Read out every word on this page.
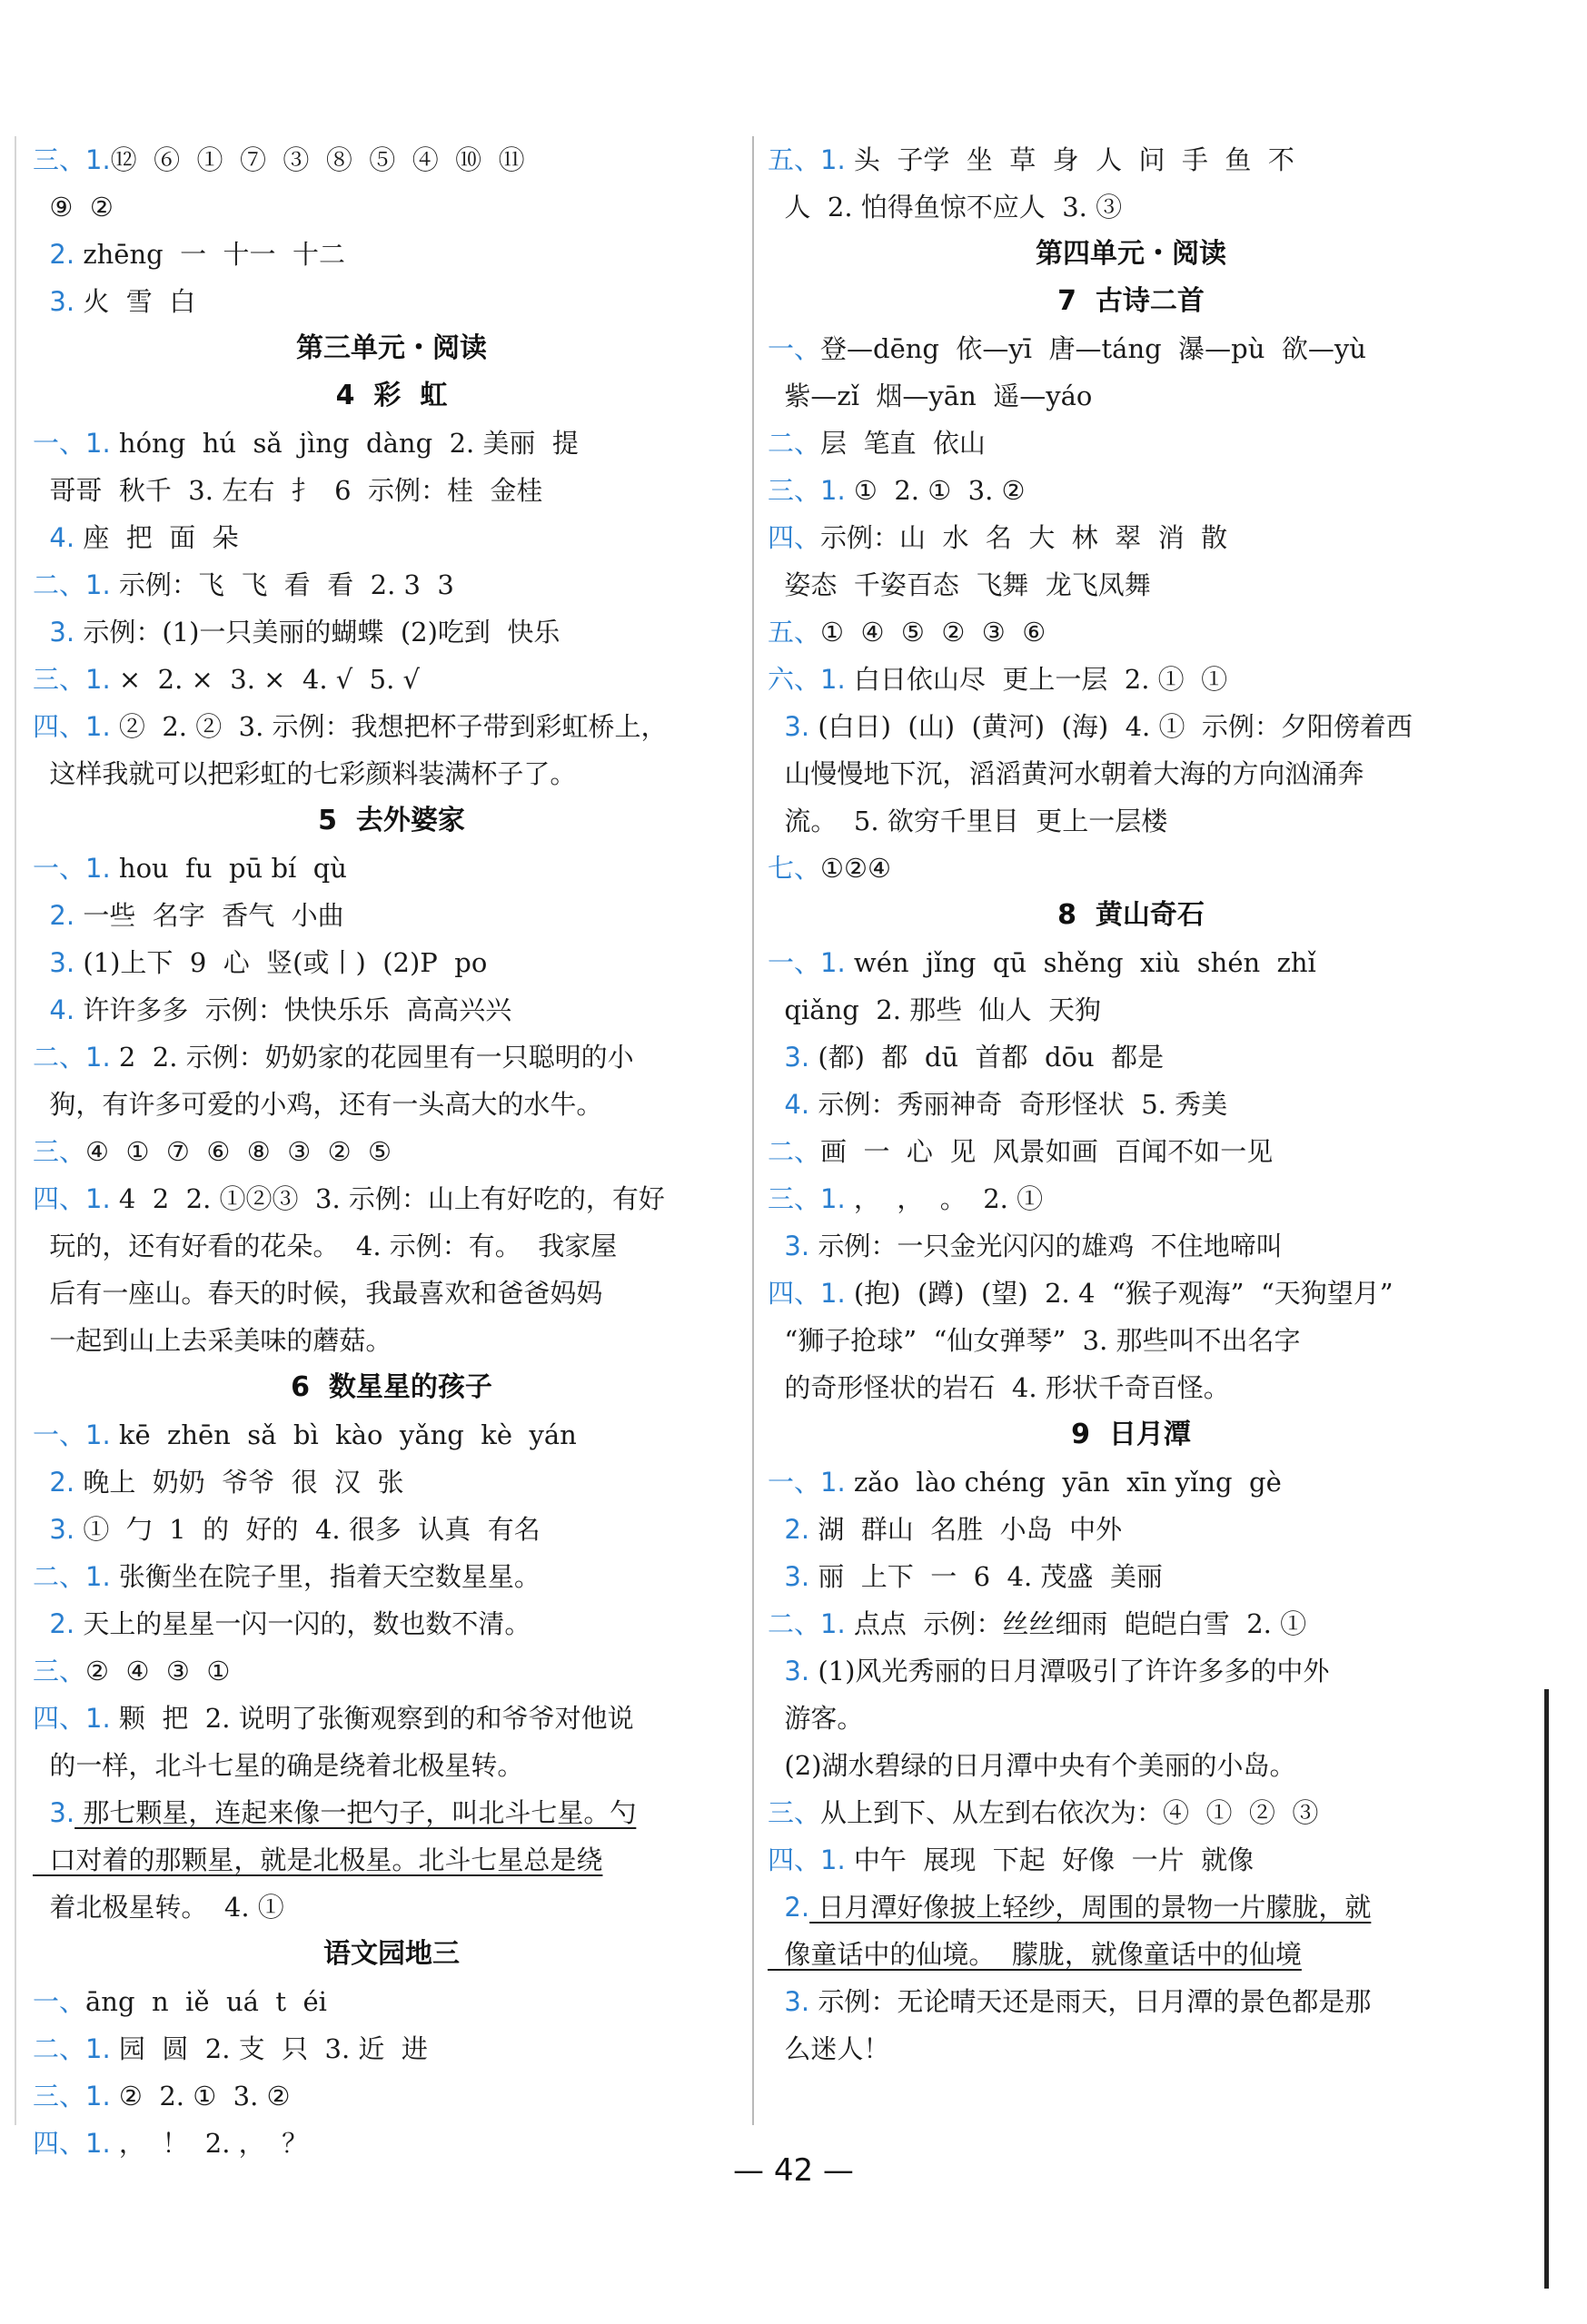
三、1.⑫  ⑥  ①  ⑦  ③  ⑧  ⑤  ④  ⑩  ⑪
⑨  ②
2. zhēng  一  十一  十二
3. 火  雪  白
第三单元・阅读
4  彩  虹
一、1. hóng  hú  sǎ  jìng  dàng  2. 美丽  提
哥哥  秋千  3. 左右  扌  6  示例：桂  金桂
4. 座  把  面  朵
二、1. 示例：飞  飞  看  看  2. 3  3
3. 示例：(1)一只美丽的蝴蝶  (2)吃到  快乐
三、1. ×  2. ×  3. ×  4. √  5. √
四、1. ②  2. ②  3. 示例：我想把杯子带到彩虹桥上，
这样我就可以把彩虹的七彩颜料装满杯子了。
5  去外婆家
一、1. hou  fu  pū bí  qù
2. 一些  名字  香气  小曲
3. (1)上下  9  心  竖(或丨)  (2)P  po
4. 许许多多  示例：快快乐乐  高高兴兴
二、1. 2  2. 示例：奶奶家的花园里有一只聪明的小
狗，有许多可爱的小鸡，还有一头高大的水牛。
三、④  ①  ⑦  ⑥  ⑧  ③  ②  ⑤
四、1. 4  2  2. ①②③  3. 示例：山上有好吃的，有好
玩的，还有好看的花朵。  4. 示例：有。  我家屋
后有一座山。春天的时候，我最喜欢和爸爸妈妈
一起到山上去采美味的蘑菇。
6  数星星的孩子
一、1. kē  zhēn  sǎ  bì  kào  yǎng  kè  yán
2. 晚上  奶奶  爷爷  很  汉  张
3. ①  勹  1  的  好的  4. 很多  认真  有名
二、1. 张衡坐在院子里，指着天空数星星。
2. 天上的星星一闪一闪的，数也数不清。
三、②  ④  ③  ①
四、1. 颗  把  2. 说明了张衡观察到的和爷爷对他说
的一样，北斗七星的确是绕着北极星转。
3. 那七颗星，连起来像一把勺子，叫北斗七星。勺
口对着的那颗星，就是北极星。北斗七星总是绕
着北极星转。  4. ①
语文园地三
一、āng  n  iě  uá  t  éi
二、1. 园  圆  2. 支  只  3. 近  进
三、1. ②  2. ①  3. ②
四、1. ，  ！  2. ，  ？
五、1. 头  子学  坐  草  身  人  问  手  鱼  不
人  2. 怕得鱼惊不应人  3. ③
第四单元・阅读
7  古诗二首
一、登—dēng  依—yī  唐—táng  瀑—pù  欲—yù
紫—zǐ  烟—yān  遥—yáo
二、层  笔直  依山
三、1. ①  2. ①  3. ②
四、示例：山  水  名  大  林  翠  消  散
姿态  千姿百态  飞舞  龙飞凤舞
五、①  ④  ⑤  ②  ③  ⑥
六、1. 白日依山尽  更上一层  2. ①  ①
3. (白日)  (山)  (黄河)  (海)  4. ①  示例：夕阳傍着西
山慢慢地下沉，滔滔黄河水朝着大海的方向汹涌奔
流。  5. 欲穷千里目  更上一层楼
七、①②④
8  黄山奇石
一、1. wén  jǐng  qū  shěng  xiù  shén  zhǐ
qiǎng  2. 那些  仙人  天狗
3. (都)  都  dū  首都  dōu  都是
4. 示例：秀丽神奇  奇形怪状  5. 秀美
二、画  一  心  见  风景如画  百闻不如一见
三、1. ，  ，  。  2. ①
3. 示例：一只金光闪闪的雄鸡  不住地啼叫
四、1. (抱)  (蹲)  (望)  2. 4  “猴子观海”  “天狗望月”
“狮子抢球”  “仙女弹琴”  3. 那些叫不出名字
的奇形怪状的岩石  4. 形状千奇百怪。
9  日月潭
一、1. zǎo  lào chéng  yān  xīn yǐng  gè
2. 湖  群山  名胜  小岛  中外
3. 丽  上下  一  6  4. 茂盛  美丽
二、1. 点点  示例：丝丝细雨  皑皑白雪  2. ①
3. (1)风光秀丽的日月潭吸引了许许多多的中外
游客。
(2)湖水碧绿的日月潭中央有个美丽的小岛。
三、从上到下、从左到右依次为：④  ①  ②  ③
四、1. 中午  展现  下起  好像  一片  就像
2. 日月潭好像披上轻纱，周围的景物一片朦胧，就
像童话中的仙境。  朦胧，就像童话中的仙境
3. 示例：无论晴天还是雨天，日月潭的景色都是那
么迷人！
— 42 —
